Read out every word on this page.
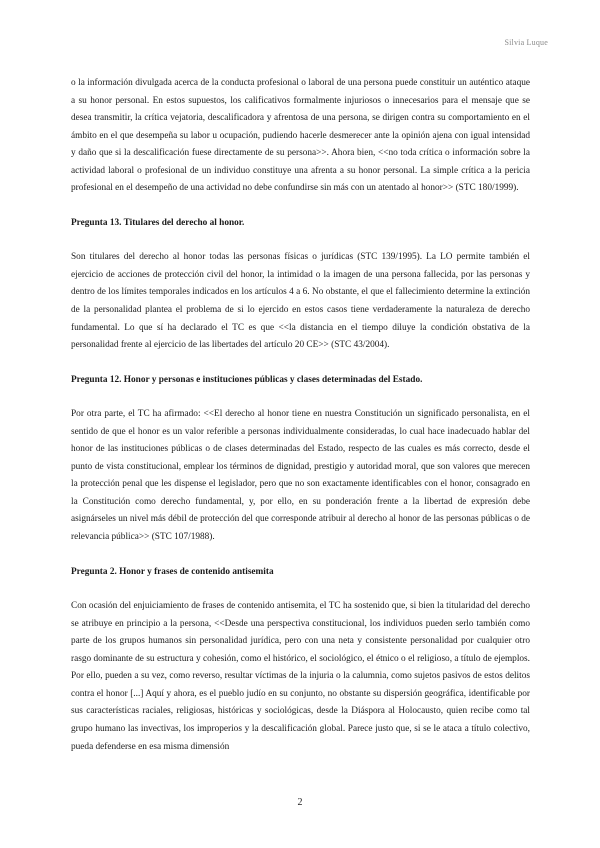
Silvia Luque

o la información divulgada acerca de la conducta profesional o laboral de una persona puede constituir un auténtico ataque a su honor personal. En estos supuestos, los calificativos formalmente injuriosos o innecesarios para el mensaje que se desea transmitir, la crítica vejatoria, descalificadora y afrentosa de una persona, se dirigen contra su comportamiento en el ámbito en el que desempeña su labor u ocupación, pudiendo hacerle desmerecer ante la opinión ajena con igual intensidad y daño que si la descalificación fuese directamente de su persona>>. Ahora bien, <<no toda crítica o información sobre la actividad laboral o profesional de un individuo constituye una afrenta a su honor personal. La simple crítica a la pericia profesional en el desempeño de una actividad no debe confundirse sin más con un atentado al honor>> (STC 180/1999).

Pregunta 13. Titulares del derecho al honor.

Son titulares del derecho al honor todas las personas físicas o jurídicas (STC 139/1995). La LO permite también el ejercicio de acciones de protección civil del honor, la intimidad o la imagen de una persona fallecida, por las personas y dentro de los límites temporales indicados en los artículos 4 a 6. No obstante, el que el fallecimiento determine la extinción de la personalidad plantea el problema de si lo ejercido en estos casos tiene verdaderamente la naturaleza de derecho fundamental. Lo que sí ha declarado el TC es que <<la distancia en el tiempo diluye la condición obstativa de la personalidad frente al ejercicio de las libertades del artículo 20 CE>> (STC 43/2004).

Pregunta 12. Honor y personas e instituciones públicas y clases determinadas del Estado.

Por otra parte, el TC ha afirmado: <<El derecho al honor tiene en nuestra Constitución un significado personalista, en el sentido de que el honor es un valor referible a personas individualmente consideradas, lo cual hace inadecuado hablar del honor de las instituciones públicas o de clases determinadas del Estado, respecto de las cuales es más correcto, desde el punto de vista constitucional, emplear los términos de dignidad, prestigio y autoridad moral, que son valores que merecen la protección penal que les dispense el legislador, pero que no son exactamente identificables con el honor, consagrado en la Constitución como derecho fundamental, y, por ello, en su ponderación frente a la libertad de expresión debe asignárseles un nivel más débil de protección del que corresponde atribuir al derecho al honor de las personas públicas o de relevancia pública>> (STC 107/1988).

Pregunta 2. Honor y frases de contenido antisemita

Con ocasión del enjuiciamiento de frases de contenido antisemita, el TC ha sostenido que, si bien la titularidad del derecho se atribuye en principio a la persona, <<Desde una perspectiva constitucional, los individuos pueden serlo también como parte de los grupos humanos sin personalidad jurídica, pero con una neta y consistente personalidad por cualquier otro rasgo dominante de su estructura y cohesión, como el histórico, el sociológico, el étnico o el religioso, a título de ejemplos. Por ello, pueden a su vez, como reverso, resultar víctimas de la injuria o la calumnia, como sujetos pasivos de estos delitos contra el honor [...] Aquí y ahora, es el pueblo judío en su conjunto, no obstante su dispersión geográfica, identificable por sus características raciales, religiosas, históricas y sociológicas, desde la Diáspora al Holocausto, quien recibe como tal grupo humano las invectivas, los improperios y la descalificación global. Parece justo que, si se le ataca a título colectivo, pueda defenderse en esa misma dimensión

2
